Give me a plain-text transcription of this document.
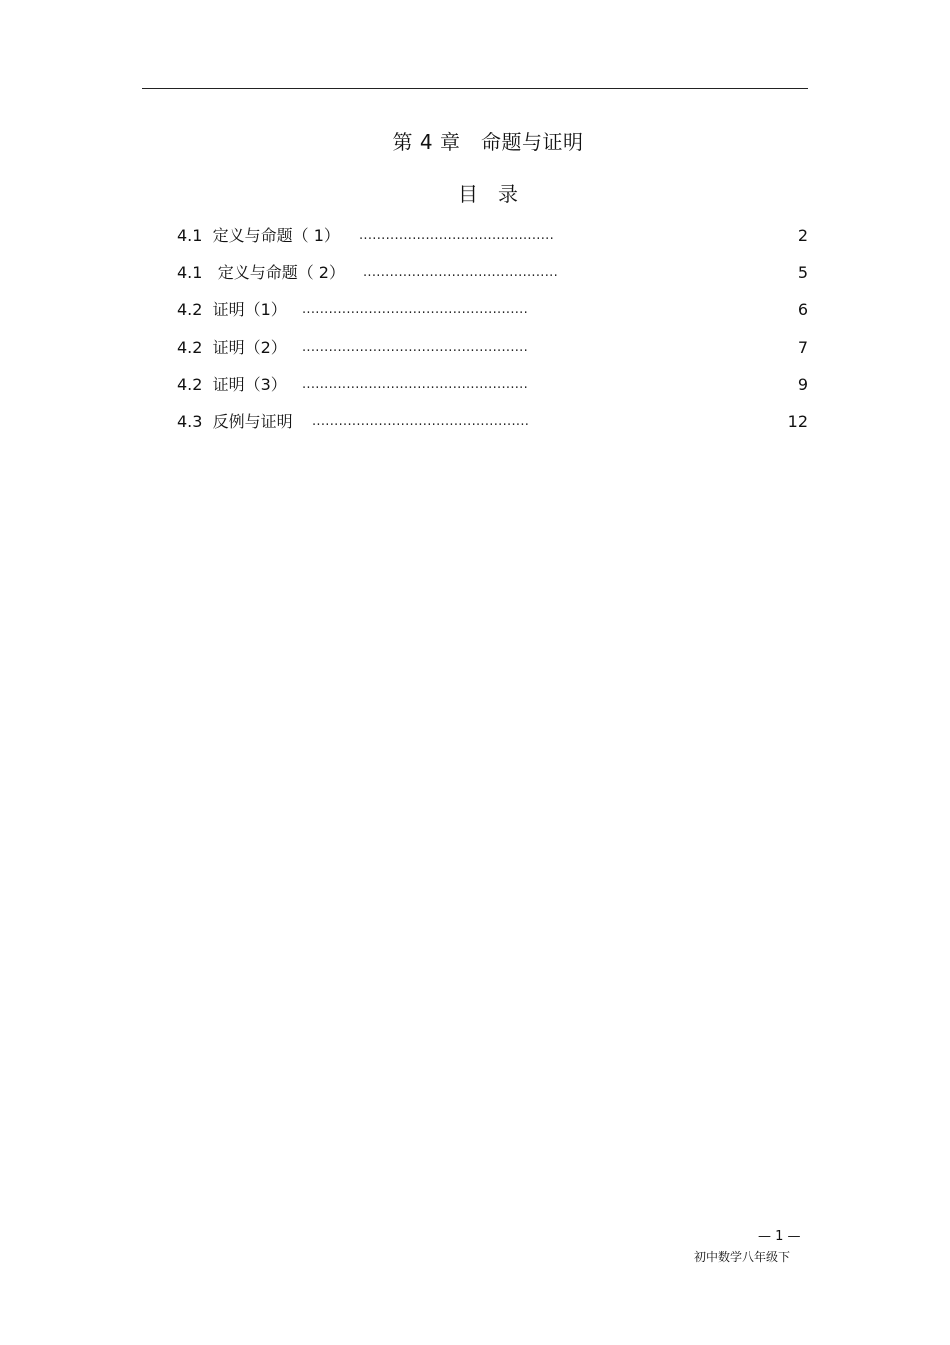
第 4 章　命题与证明
目　录
4.1  定义与命题（ 1） ............................................	2
4.1   定义与命题（ 2） ............................................	5
4.2  证明（1） ...................................................	6
4.2  证明（2） ...................................................	7
4.2  证明（3） ...................................................	9
4.3  反例与证明 .................................................	12
— 1 —
初中数学八年级下
